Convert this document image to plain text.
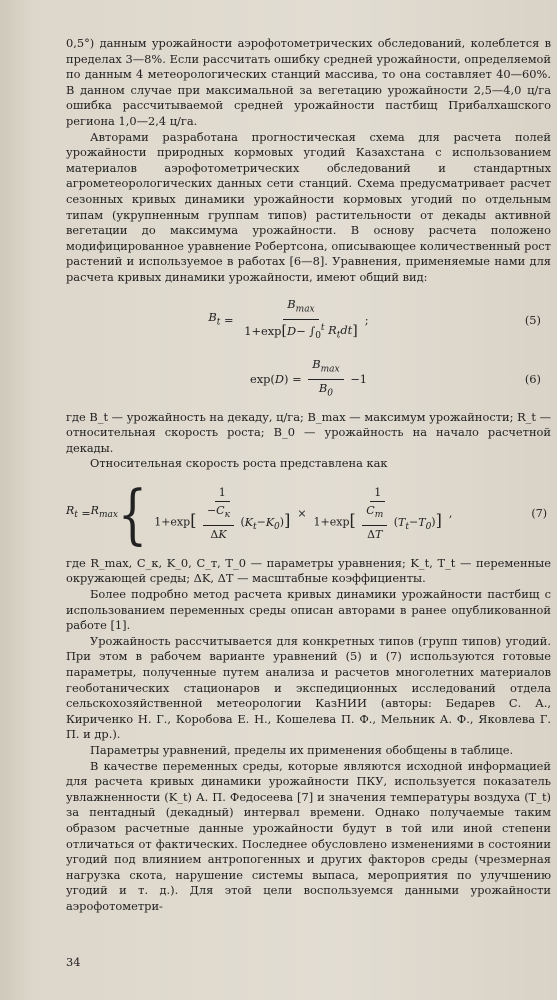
0,5°) данным урожайности аэрофотометрических обследований, колеблется в пределах 3—8%. Если рассчитать ошибку средней урожайности, определяемой по данным 4 метеорологических станций массива, то она составляет 40—60%. В данном случае при максимальной за вегетацию урожайности 2,5—4,0 ц/га ошибка рассчитываемой средней урожайности пастбищ Прибалхашского региона 1,0—2,4 ц/га.

Авторами разработана прогностическая схема для расчета полей урожайности природных кормовых угодий Казахстана с использованием материалов аэрофотометрических обследований и стандартных агрометеорологических данных сети станций. Схема предусматривает расчет сезонных кривых динамики урожайности кормовых угодий по отдельным типам (укрупненным группам типов) растительности от декады активной вегетации до максимума урожайности. В основу расчета положено модифицированное уравнение Робертсона, описывающее количественный рост растений и используемое в работах [6—8]. Уравнения, применяемые нами для расчета кривых динамики урожайности, имеют общий вид:

$B_t = \frac{B_{max}}{1+\exp[D- \int_0^t R_tdt]}$ ;	(5)
exp( D ) = $\frac{B_{max}}{B_0} -1$	(6)

где B_t — урожайность на декаду, ц/га; B_max — максимум урожайности; R_t — относительная скорость роста; B_0 — урожайность на начало расчетной декады.

Относительная скорость роста представлена как

$R_t = R_{max}$ { $\frac{1}{1+\exp[ \frac{-C_к}{\Delta K} (K_t-K_0)]} \times \frac{1}{1+\exp[ \frac{C_т}{\Delta T} (T_t-T_0)]}$ ,	(7)

где R_max, C_к, K_0, C_т, T_0 — параметры уравнения; K_t, T_t — переменные окружающей среды; ΔK, ΔT — масштабные коэффициенты.

Более подробно метод расчета кривых динамики урожайности пастбищ с использованием переменных среды описан авторами в ранее опубликованной работе [1].

Урожайность рассчитывается для конкретных типов (групп типов) угодий. При этом в рабочем варианте уравнений (5) и (7) используются готовые параметры, полученные путем анализа и расчетов многолетних материалов геоботанических стационаров и экспедиционных исследований отдела сельскохозяйственной метеорологии КазНИИ (авторы: Бедарев С. А., Кириченко Н. Г., Коробова Е. Н., Кошелева П. Ф., Мельник А. Ф., Яковлева Г. П. и др.).

Параметры уравнений, пределы их применения обобщены в таблице.

В качестве переменных среды, которые являются исходной информацией для расчета кривых динамики урожайности ПКУ, используется показатель увлажненности (K_t) А. П. Федосеева [7] и значения температуры воздуха (T_t) за пентадный (декадный) интервал времени. Однако получаемые таким образом расчетные данные урожайности будут в той или иной степени отличаться от фактических. Последнее обусловлено изменениями в состоянии угодий под влиянием антропогенных и других факторов среды (чрезмерная нагрузка скота, нарушение системы выпаса, мероприятия по улучшению угодий и т. д.). Для этой цели воспользуемся данными урожайности аэрофотометри-

34
